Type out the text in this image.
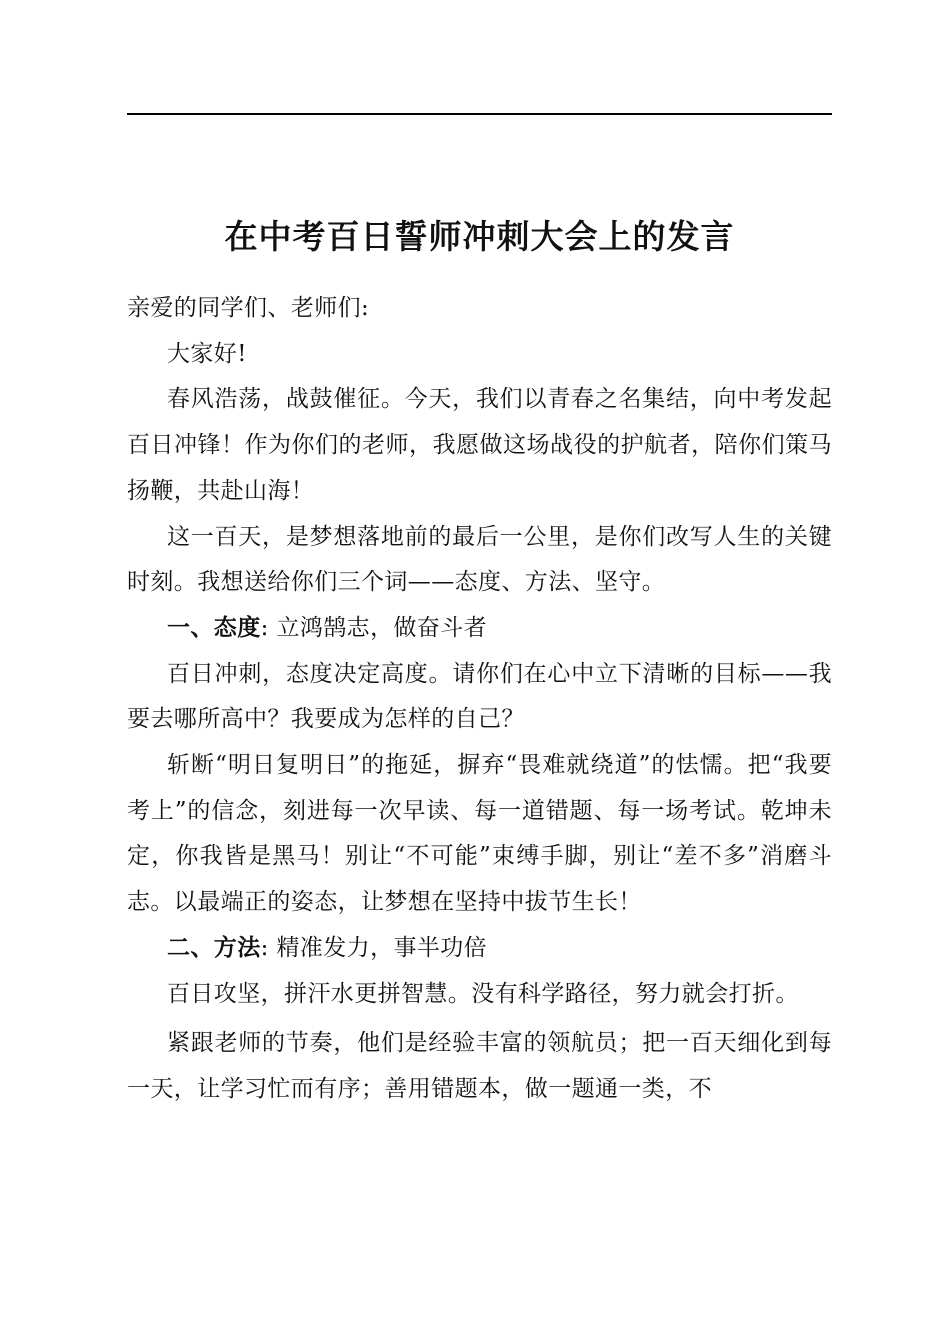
在中考百日誓师冲刺大会上的发言

亲爱的同学们、老师们:

大家好!

春风浩荡，战鼓催征。今天，我们以青春之名集结，向中考发起百日冲锋！作为你们的老师，我愿做这场战役的护航者，陪你们策马扬鞭，共赴山海！

这一百天，是梦想落地前的最后一公里，是你们改写人生的关键时刻。我想送给你们三个词——态度、方法、坚守。

一、态度: 立鸿鹄志，做奋斗者

百日冲刺，态度决定高度。请你们在心中立下清晰的目标——我要去哪所高中？我要成为怎样的自己？

斩断“明日复明日”的拖延，摒弃“畏难就绕道”的怯懦。把“我要考上”的信念，刻进每一次早读、每一道错题、每一场考试。乾坤未定，你我皆是黑马！别让“不可能”束缚手脚，别让“差不多”消磨斗志。以最端正的姿态，让梦想在坚持中拔节生长！

二、方法: 精准发力，事半功倍

百日攻坚，拼汗水更拼智慧。没有科学路径，努力就会打折。

紧跟老师的节奏，他们是经验丰富的领航员；把一百天细化到每一天，让学习忙而有序；善用错题本，做一题通一类，不
